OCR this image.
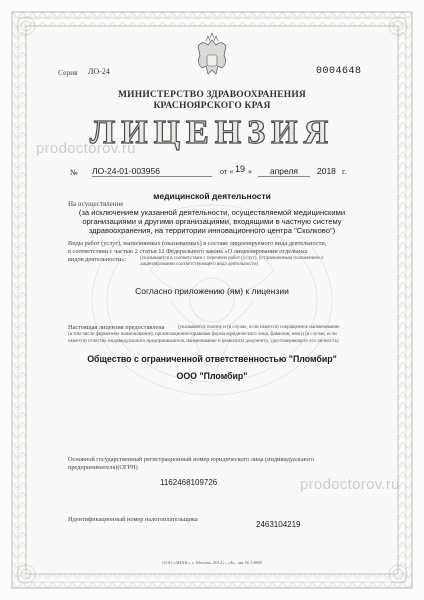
prodoctorov.ru
prodoctorov.ru
Серия ЛО-24	0004648
МИНИСТЕРСТВО ЗДРАВООХРАНЕНИЯ
КРАСНОЯРСКОГО КРАЯ
ЛИЦЕНЗИЯ
№ ЛО-24-01-003956	от « 19 »	апреля	2018 г.
медицинской деятельности
На осуществление
(за исключением указанной деятельности, осуществляемой медицинскими
организациями и другими организациями, входящими в частную систему
здравоохранения, на территории инновационного центра "Сколково")
Виды работ (услуг), выполняемых (оказываемых) в составе лицензируемого вида деятельности,
в соответствии с частью 2 статьи 12 Федерального закона «О лицензировании отдельных
видов деятельности»:	(указываются в соответствии с перечнем работ (услуг), установленным положением о лицензировании соответствующего вида деятельности)
Согласно приложению (ям) к лицензии
Настоящая лицензия предоставлена	(указывается полное и (в случае, если имеется) сокращенное наименование
(в том числе фирменное наименование), организационно-правовая форма юридического лица, фамилия, имя и (в случае, если
имеется) отчество индивидуального предпринимателя, наименование и реквизиты документа, удостоверяющего его личность)
Общество с ограниченной ответственностью "Пломбир"
ООО "Пломбир"
Основной государственный регистрационный номер юридического лица (индивидуального
предпринимателя)(ОГРН)
1162468109726
Идентификационный номер налогоплательщика
2463104219
ООО «ЗНАК», г. Москва, 2012 г., «Б», зак № 13088
